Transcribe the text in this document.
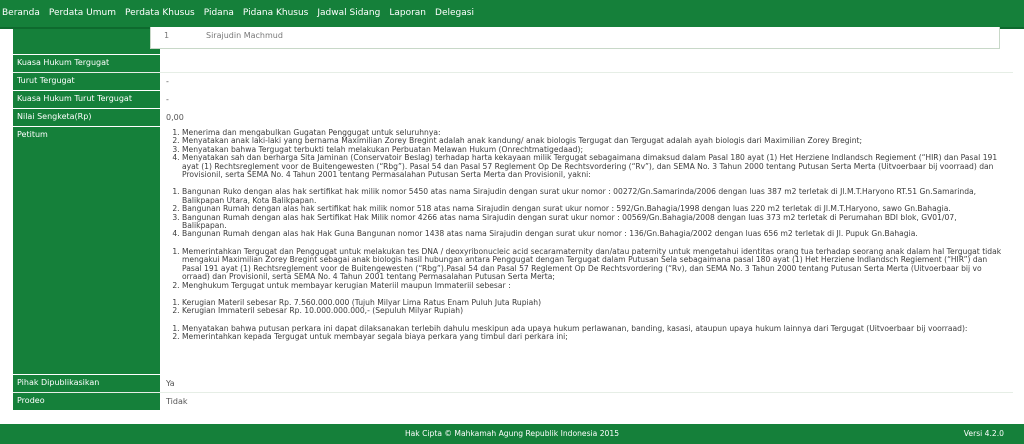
Beranda	Perdata Umum	Perdata Khusus	Pidana	Pidana Khusus	Jadwal Sidang	Laporan	Delegasi
1	Sirajudin Machmud
Kuasa Hukum Tergugat
Turut Tergugat	-
Kuasa Hukum Turut Tergugat	-
Nilai Sengketa(Rp)	0,00
Petitum
1.	Menerima dan mengabulkan Gugatan Penggugat untuk seluruhnya:
2. Menyatakan anak laki-laki yang bernama Maximilian Zorey Bregint adalah anak kandung/ anak biologis Tergugat dan Tergugat adalah ayah biologis dari Maximilian Zorey Bregint;
3. Menyatakan bahwa Tergugat terbukti telah melakukan Perbuatan Melawan Hukum (Onrechtmatigedaad);
4. Menyatakan sah dan berharga Sita Jaminan (Conservatoir Beslag) terhadap harta kekayaan milik Tergugat sebagaimana dimaksud dalam Pasal 180 ayat (1) Het Herziene Indlandsch Regiement (“HIR) dan Pasal 191 ayat (1) Rechtsreglement voor de Buitengewesten (“Rbg”). Pasal 54 dan Pasal 57 Reglement Op De Rechtsvordering (“Rv”), dan SEMA No. 3 Tahun 2000 tentang Putusan Serta Merta (Uitvoerbaar bij voorraad) dan Provisionil, serta SEMA No. 4 Tahun 2001 tentang Permasalahan Putusan Serta Merta dan Provisionil, yakni:
1. Bangunan Ruko dengan alas hak sertifikat hak milik nomor 5450 atas nama Sirajudin dengan surat ukur nomor : 00272/Gn.Samarinda/2006 dengan luas 387 m2 terletak di Jl.M.T.Haryono RT.51 Gn.Samarinda, Balikpapan Utara, Kota Balikpapan.
2. Bangunan Rumah dengan alas hak sertifikat hak milik nomor 518 atas nama Sirajudin dengan surat ukur nomor : 592/Gn.Bahagia/1998 dengan luas 220 m2 terletak di Jl.M.T.Haryono, sawo Gn.Bahagia.
3. Bangunan Rumah dengan alas hak Sertifikat Hak Milik nomor 4266 atas nama Sirajudin dengan surat ukur nomor : 00569/Gn.Bahagia/2008 dengan luas 373 m2 terletak di Perumahan BDI blok, GV01/07, Balikpapan.
4. Bangunan Rumah dengan alas hak Hak Guna Bangunan nomor 1438 atas nama Sirajudin dengan surat ukur nomor : 136/Gn.Bahagia/2002 dengan luas 656 m2 terletak di Jl. Pupuk Gn.Bahagia.
1. Memerintahkan Tergugat dan Penggugat untuk melakukan tes DNA / deoxyribonucleic acid secaramaternity dan/atau paternity untuk mengetahui identitas orang tua terhadap seorang anak dalam hal Tergugat tidak mengakui Maximilian Zorey Bregint sebagai anak biologis hasil hubungan antara Penggugat dengan Tergugat dalam Putusan Sela sebagaimana pasal 180 ayat (1) Het Herziene Indlandsch Regiement (“HIR”) dan Pasal 191 ayat (1) Rechtsreglement voor de Buitengewesten (“Rbg”).Pasal 54 dan Pasal 57 Reglement Op De Rechtsvordering (“Rv), dan SEMA No. 3 Tahun 2000 tentang Putusan Serta Merta (Uitvoerbaar bij vo orraad) dan Provisionil, serta SEMA No. 4 Tahun 2001 tentang Permasalahan Putusan Serta Merta;
2. Menghukum Tergugat untuk membayar kerugian Materiil maupun Immateriil sebesar :
1. Kerugian Materil sebesar Rp. 7.560.000.000 (Tujuh Milyar Lima Ratus Enam Puluh Juta Rupiah)
2. Kerugian Immateril sebesar Rp. 10.000.000.000,- (Sepuluh Milyar Rupiah)
1. Menyatakan bahwa putusan perkara ini dapat dilaksanakan terlebih dahulu meskipun ada upaya hukum perlawanan, banding, kasasi, ataupun upaya hukum lainnya dari Tergugat (Uitvoerbaar bij voorraad):
2. Memerintahkan kepada Tergugat untuk membayar segala biaya perkara yang timbul dari perkara ini;
Pihak Dipublikasikan	Ya
Prodeo	Tidak
Hak Cipta © Mahkamah Agung Republik Indonesia 2015	Versi 4.2.0
